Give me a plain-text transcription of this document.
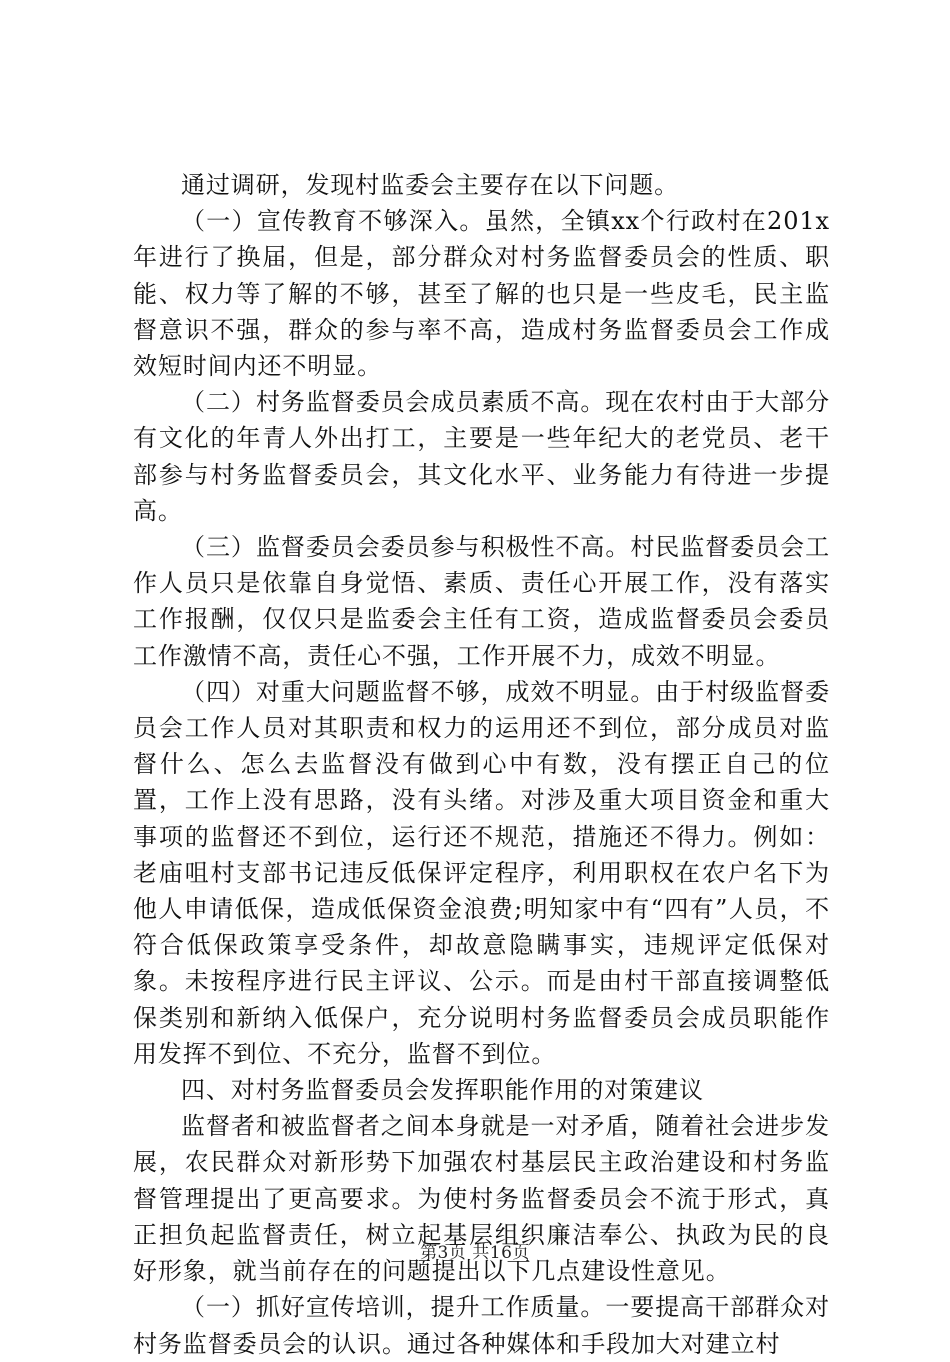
通过调研，发现村监委会主要存在以下问题。

（一）宣传教育不够深入。虽然，全镇xx个行政村在201x年进行了换届，但是，部分群众对村务监督委员会的性质、职能、权力等了解的不够，甚至了解的也只是一些皮毛，民主监督意识不强，群众的参与率不高，造成村务监督委员会工作成效短时间内还不明显。

（二）村务监督委员会成员素质不高。现在农村由于大部分有文化的年青人外出打工，主要是一些年纪大的老党员、老干部参与村务监督委员会，其文化水平、业务能力有待进一步提高。

（三）监督委员会委员参与积极性不高。村民监督委员会工作人员只是依靠自身觉悟、素质、责任心开展工作，没有落实工作报酬，仅仅只是监委会主任有工资，造成监督委员会委员工作激情不高，责任心不强，工作开展不力，成效不明显。

（四）对重大问题监督不够，成效不明显。由于村级监督委员会工作人员对其职责和权力的运用还不到位，部分成员对监督什么、怎么去监督没有做到心中有数，没有摆正自己的位置，工作上没有思路，没有头绪。对涉及重大项目资金和重大事项的监督还不到位，运行还不规范，措施还不得力。例如：老庙咀村支部书记违反低保评定程序，利用职权在农户名下为他人申请低保，造成低保资金浪费;明知家中有“四有”人员，不符合低保政策享受条件，却故意隐瞒事实，违规评定低保对象。未按程序进行民主评议、公示。而是由村干部直接调整低保类别和新纳入低保户，充分说明村务监督委员会成员职能作用发挥不到位、不充分，监督不到位。

四、对村务监督委员会发挥职能作用的对策建议

监督者和被监督者之间本身就是一对矛盾，随着社会进步发展，农民群众对新形势下加强农村基层民主政治建设和村务监督管理提出了更高要求。为使村务监督委员会不流于形式，真正担负起监督责任，树立起基层组织廉洁奉公、执政为民的良好形象，就当前存在的问题提出以下几点建设性意见。

（一）抓好宣传培训，提升工作质量。一要提高干部群众对村务监督委员会的认识。通过各种媒体和手段加大对建立村

第3页 共16页
